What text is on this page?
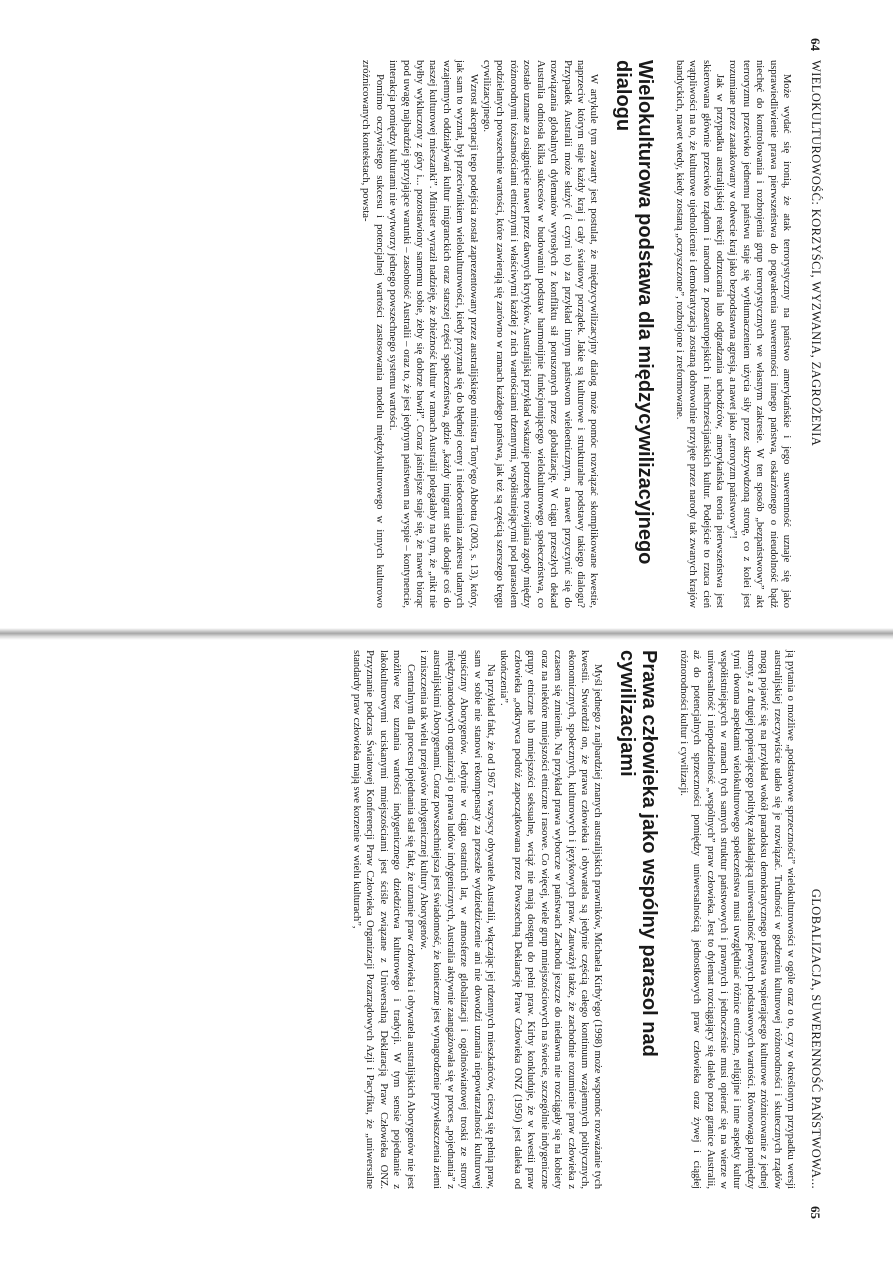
64
WIELOKULTUROWOŚĆ: KORZYŚCI, WYZWANIA, ZAGROŻENIA

Może wydać się ironią, że atak terrorystyczny na państwo amerykańskie i jego suwerenność uznaje się jako usprawiedliwienie prawa pierwszeństwa do pogwałcenia suwerenności innego państwa, oskarżonego o nieudolność bądź niechęć do kontrolowania i rozbrojenia grup terrorystycznych we własnym zakresie. W ten sposób „bezpaństwowy” akt terroryzmu przeciwko jednemu państwu staje się wytłumaczeniem użycia siły przez skrzywdzoną stronę, co z kolei jest rozumiane przez zaatakowany w odwecie kraj jako bezpodstawna agresja, a nawet jako „terroryzm państwowy”!

Jak w przypadku australijskiej reakcji odrzucania lub odgradzania uchodźców, amerykańska teoria pierwszeństwa jest skierowana głównie przeciwko rządom i narodom z pozaeuropejskich i niechrześcijańskich kultur. Podejście to rzuca cień wątpliwości na to, że kulturowe ujednolicenie i demokratyzacja zostaną dobrowolnie przyjęte przez narody tak zwanych krajów bandyckich, nawet wtedy, kiedy zostaną „oczyszczone”, rozbrojone i zreformowane.

Wielokulturowa podstawa dla międzycywilizacyjnego dialogu

W artykule tym zawarty jest postulat, że międzycywilizacyjny dialog może pomóc rozwiązać skomplikowane kwestie, naprzeciw którym staje każdy kraj i cały światowy porządek. Jakie są kulturowe i strukturalne podstawy takiego dialogu? Przypadek Australii może służyć (i czyni to) za przykład innym państwom wielоetnicznym, a nawet przyczynić się do rozwiązania globalnych dylematów wyrosłych z konfliktu sił poruszonych przez globalizację. W ciągu przeszłych dekad Australia odniosła kilka sukcesów w budowaniu podstaw harmonijnie funkcjonującego wielokulturowego społeczeństwa, co zostało uznane za osiągnięcie nawet przez dawnych krytyków. Australijski przykład wskazuje potrzebę rozwijania zgody między różnorodnymi tożsamościami etnicznymi i właściwymi każdej z nich wartościami rdzennymi, współistniejącymi pod parasolem podzielanych powszechnie wartości, które zawierają się zarówno w ramach każdego państwa, jak też są częścią szerszego kręgu cywilizacyjnego.

Wzrost akceptacji tego podejścia został zaprezentowany przez australijskiego ministra Tony'ego Abbotta (2003, s. 13), który, jak sam to wyznał, był przeciwnikiem wielokulturowości, kiedy przyznał się do błędnej oceny i niedoceniania zakresu udanych wzajemnych oddziaływań kultur imigranckich oraz starszej części społeczeństwa, gdzie „każdy imigrant stale dodaje coś do naszej kulturowej mieszanki”. Minister wyraził nadzieję, że zbieżność kultur w ramach Australii polegałaby na tym, że „nikt nie byłby wykluczony z góry i... pozostawiony samemu sobie, żeby się dobrze bawił”. Coraz jaśniejsze staje się, że nawet biorąc pod uwagę najbardziej sprzyjające warunki – zasobność Australii – oraz to, że jest jedynym państwem na wyspie – kontynencie, interakcja pomiędzy kulturami nie wytworzy jednego powszechnego systemu wartości.

Pomimo oczywistego sukcesu i potencjalnej wartości zastosowania modelu międzykulturowego w innych kulturowo zróżnicowanych kontekstach, powsta-

65
GLOBALIZACJA, SUWERENNOŚĆ PAŃSTWOWA...

ją pytania o możliwe „podstawowe sprzeczności” wielokulturowości w ogóle oraz o to, czy w określonym przypadku wersji australijskiej rzeczywiście udało się je rozwiązać. Trudności w godzeniu kulturowej różnorodności i skutecznych rządów mogą pojawić się na przykład wokół paradoksu demokratycznego państwa wspierającego kulturowe zróżnicowanie z jednej strony, a z drugiej popierającego politykę zakładającą uniwersalność pewnych podstawowych wartości. Równowaga pomiędzy tymi dwoma aspektami wielokulturowego społeczeństwa musi uwzględniać różnice etniczne, religijne i inne aspekty kultur współistniejących w ramach tych samych struktur państwowych i prawnych i jednocześnie musi opierać się na wierze w uniwersalność i niepodzielność „wspólnych” praw człowieka. Jest to dylemat rozciągający się daleko poza granice Australii, aż do potencjalnych sprzeczności pomiędzy uniwersalnością jednostkowych praw człowieka oraz żywej i ciągłej różnorodności kultur i cywilizacji.

Prawa człowieka jako wspólny parasol nad cywilizacjami

Myśl jednego z najbardziej znanych australijskich prawników, Michaela Kirby'ego (1998) może wspomóc rozważanie tych kwestii. Stwierdził on, że prawa człowieka i obywatela są jedynie częścią całego kontinuum wzajemnych politycznych, ekonomicznych, społecznych, kulturowych i językowych praw. Zauważył także, że zachodnie rozumienie praw człowieka z czasem się zmieniło. Na przykład prawa wyborcze w państwach Zachodu jeszcze do niedawna nie rozciągały się na kobiety oraz na niektóre mniejszości etniczne i rasowe. Co więcej, wiele grup mniejszościowych na świecie, szczególnie indygeniczne grupy etniczne lub mniejszości seksualne, wciąż nie mają dostępu do pełni praw. Kirby konkluduje, że w kwestii praw człowieka „odkrywca podróż zapoczątkowana przez Powszechną Deklarację Praw Człowieka ONZ (1950) jest daleka od ukończenia”.

Na przykład fakt, że od 1967 r. wszyscy obywatele Australii, włączając jej rdzennych mieszkańców, cieszą się pełnią praw, sam w sobie nie stanowi rekompensaty za przeszłe wydziedziczenie ani nie dowodzi uznania niepowtarzalności kulturowej spuścizny Aborygenów. Jedynie w ciągu ostatnich lat, w atmosferze globalizacji i ogólnoświatowej troski ze strony międzynarodowych organizacji o prawa ludów indygenicznych, Australia aktywnie zaangażowała się w proces „pojednania” z australijskimi Aborygenami. Coraz powszechniejsza jest świadomość, że konieczne jest wynagrodzenie przywłaszczenia ziemi i zniszczenia tak wielu przejawów indygenicznej kultury Aborygenów.

Centralnym dla procesu pojednania stał się fakt, że uznanie praw człowieka i obywatela australijskich Aborygenów nie jest możliwe bez uznania wartości indygenicznego dziedzictwa kulturowego i tradycji. W tym sensie pojednanie z lakokulturowymi uciskanymi mniejszościami jest ściśle związane z Uniwersalną Deklaracją Praw Człowieka ONZ. Przyznanie podczas Światowej Konferencji Praw Człowieka Organizacji Pozarządowych Azji i Pacyfiku, że „uniwersalne standardy praw człowieka mają swe korzenie w wielu kulturach”,
